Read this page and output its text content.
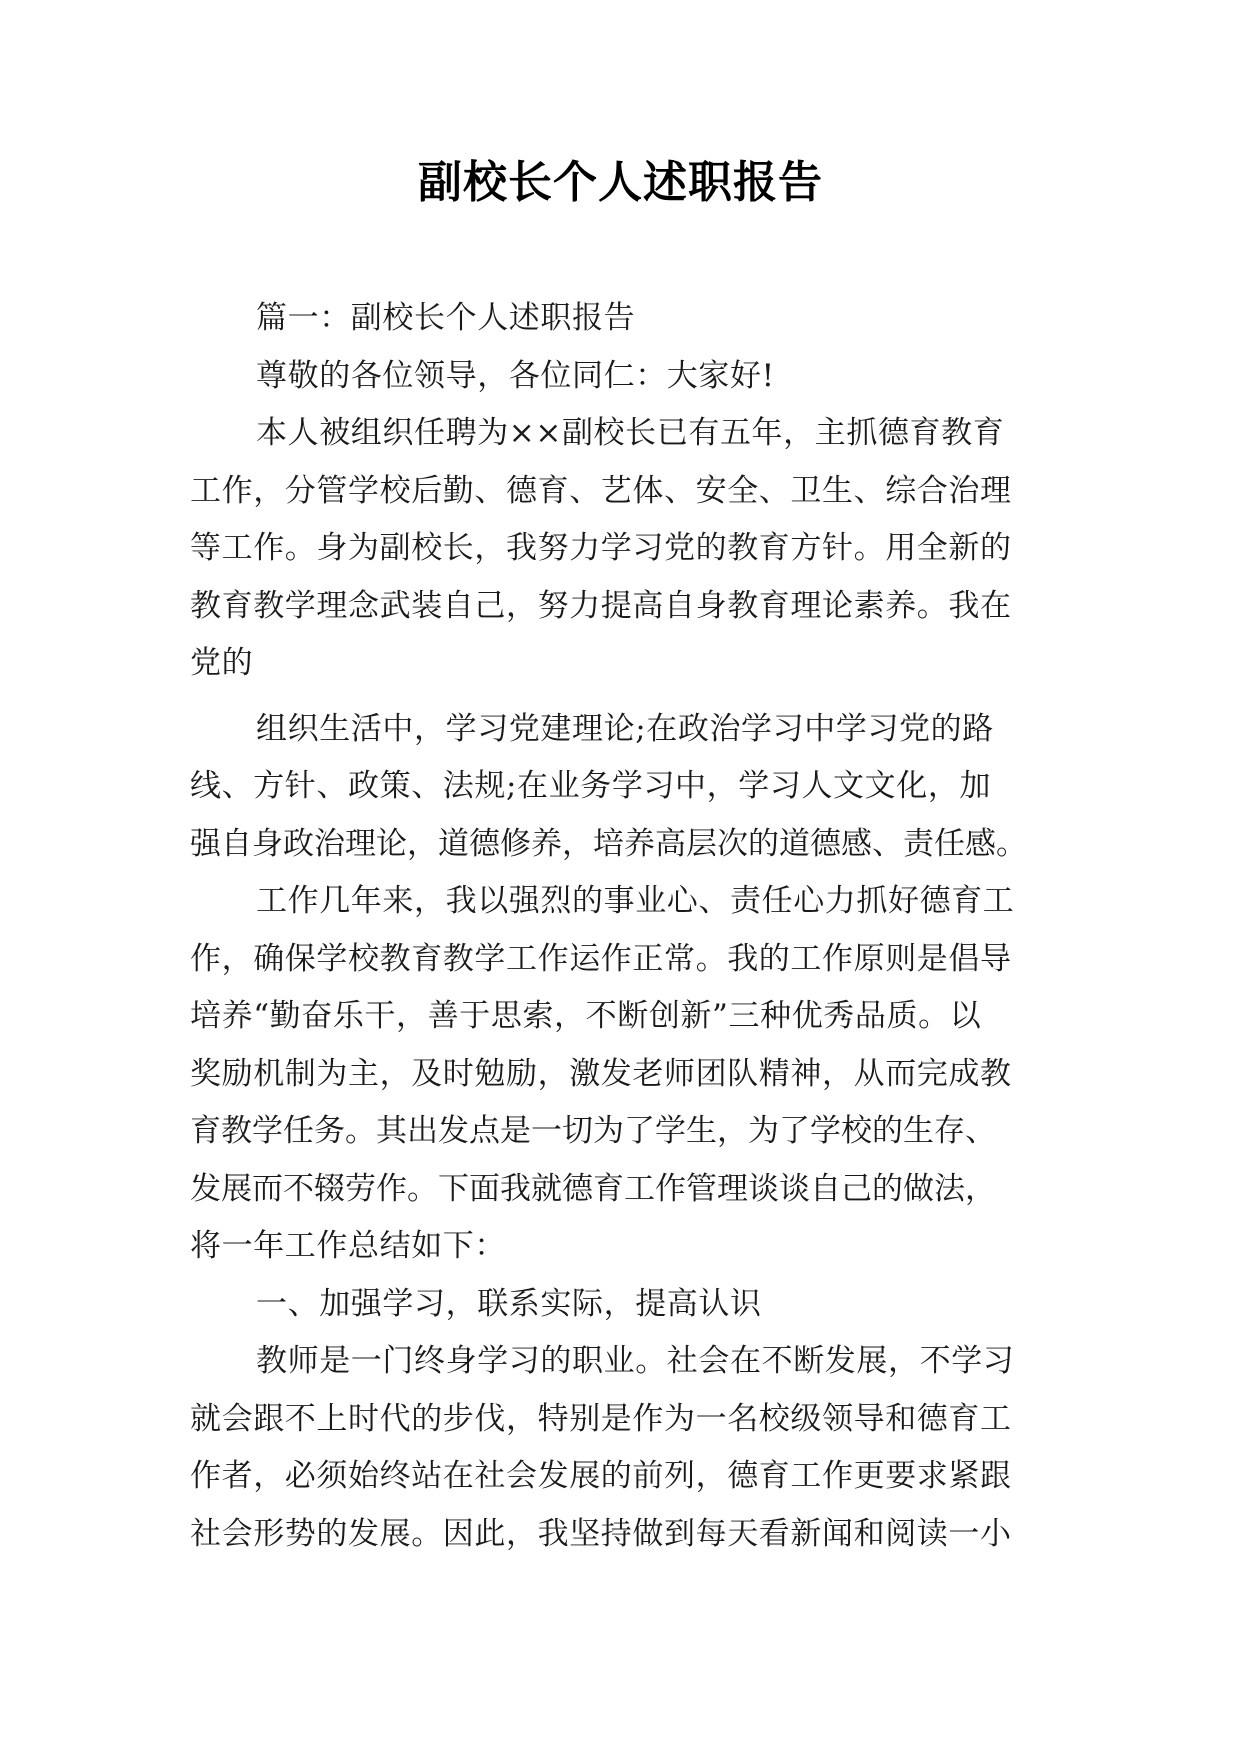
副校长个人述职报告
篇一：副校长个人述职报告
尊敬的各位领导，各位同仁：大家好!
本人被组织任聘为××副校长已有五年，主抓德育教育
工作，分管学校后勤、德育、艺体、安全、卫生、综合治理
等工作。身为副校长，我努力学习党的教育方针。用全新的
教育教学理念武装自己，努力提高自身教育理论素养。我在
党的
组织生活中，学习党建理论;在政治学习中学习党的路
线、方针、政策、法规;在业务学习中，学习人文文化，加
强自身政治理论，道德修养，培养高层次的道德感、责任感。
工作几年来，我以强烈的事业心、责任心力抓好德育工
作，确保学校教育教学工作运作正常。我的工作原则是倡导
培养“勤奋乐干，善于思索，不断创新”三种优秀品质。以
奖励机制为主，及时勉励，激发老师团队精神，从而完成教
育教学任务。其出发点是一切为了学生，为了学校的生存、
发展而不辍劳作。下面我就德育工作管理谈谈自己的做法，
将一年工作总结如下：
一、加强学习，联系实际，提高认识
教师是一门终身学习的职业。社会在不断发展，不学习
就会跟不上时代的步伐，特别是作为一名校级领导和德育工
作者，必须始终站在社会发展的前列，德育工作更要求紧跟
社会形势的发展。因此，我坚持做到每天看新闻和阅读一小
